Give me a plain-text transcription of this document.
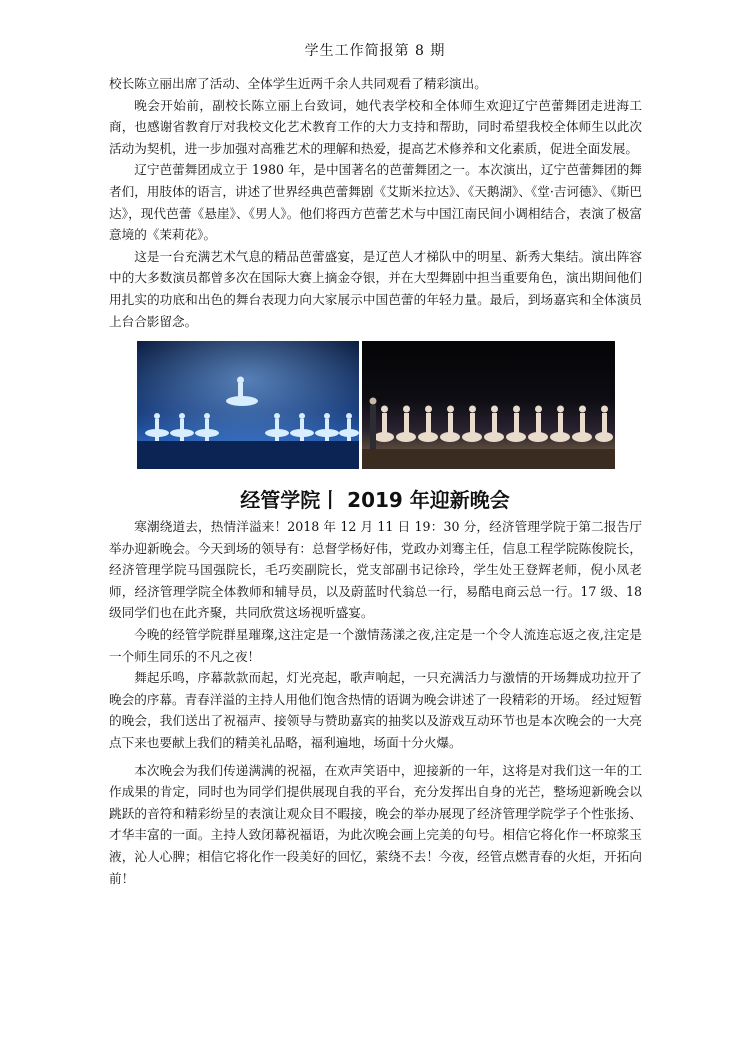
学生工作简报第 8 期

校长陈立丽出席了活动、全体学生近两千余人共同观看了精彩演出。

晚会开始前，副校长陈立丽上台致词，她代表学校和全体师生欢迎辽宁芭蕾舞团走进海工商，也感谢省教育厅对我校文化艺术教育工作的大力支持和帮助，同时希望我校全体师生以此次活动为契机，进一步加强对高雅艺术的理解和热爱，提高艺术修养和文化素质，促进全面发展。

辽宁芭蕾舞团成立于 1980 年，是中国著名的芭蕾舞团之一。本次演出，辽宁芭蕾舞团的舞者们，用肢体的语言，讲述了世界经典芭蕾舞剧《艾斯米拉达》、《天鹅湖》、《堂·吉诃德》、《斯巴达》，现代芭蕾《悬崖》、《男人》。他们将西方芭蕾艺术与中国江南民间小调相结合，表演了极富意境的《茉莉花》。

这是一台充满艺术气息的精品芭蕾盛宴，是辽芭人才梯队中的明星、新秀大集结。演出阵容中的大多数演员都曾多次在国际大赛上摘金夺银，并在大型舞剧中担当重要角色，演出期间他们用扎实的功底和出色的舞台表现力向大家展示中国芭蕾的年轻力量。最后，到场嘉宾和全体演员上台合影留念。

经管学院丨 2019 年迎新晚会

寒潮绕道去，热情洋溢来！2018 年 12 月 11 日 19：30 分，经济管理学院于第二报告厅举办迎新晚会。今天到场的领导有：总督学杨好伟，党政办刘骞主任，信息工程学院陈俊院长，经济管理学院马国强院长，毛巧奕副院长，党支部副书记徐玲，学生处王登辉老师，倪小凤老师，经济管理学院全体教师和辅导员，以及蔚蓝时代翁总一行，易酷电商云总一行。17 级、18 级同学们也在此齐聚，共同欣赏这场视听盛宴。

今晚的经管学院群星璀璨,这注定是一个激情荡漾之夜,注定是一个令人流连忘返之夜,注定是一个师生同乐的不凡之夜！

舞起乐鸣，序幕款款而起，灯光亮起，歌声响起，一只充满活力与激情的开场舞成功拉开了晚会的序幕。青春洋溢的主持人用他们饱含热情的语调为晚会讲述了一段精彩的开场。 经过短暂的晚会，我们送出了祝福声、接领导与赞助嘉宾的抽奖以及游戏互动环节也是本次晚会的一大亮点下来也要献上我们的精美礼品略，福利遍地，场面十分火爆。

本次晚会为我们传递满满的祝福，在欢声笑语中，迎接新的一年，这将是对我们这一年的工作成果的肯定，同时也为同学们提供展现自我的平台，充分发挥出自身的光芒，整场迎新晚会以跳跃的音符和精彩纷呈的表演让观众目不暇接，晚会的举办展现了经济管理学院学子个性张扬、才华丰富的一面。主持人致闭幕祝福语，为此次晚会画上完美的句号。相信它将化作一杯琼浆玉液，沁人心脾；相信它将化作一段美好的回忆，萦绕不去！今夜，经管点燃青春的火炬，开拓向前！
